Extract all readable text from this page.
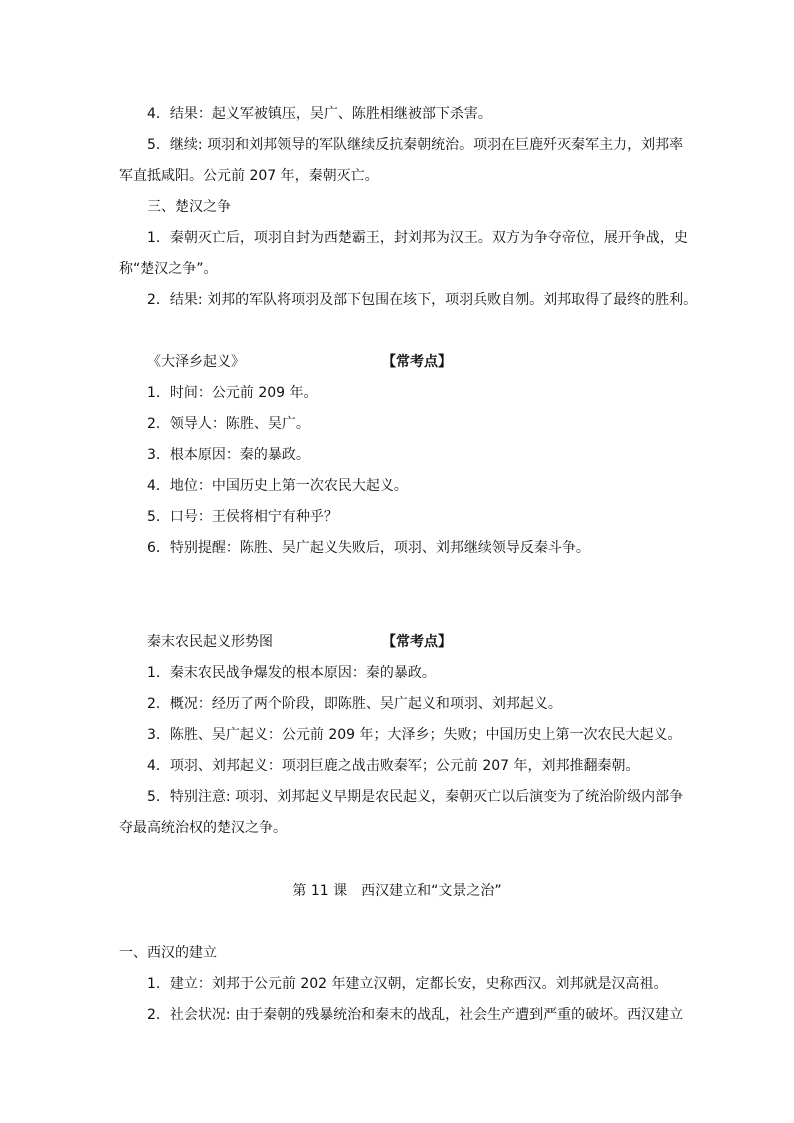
4．结果：起义军被镇压，吴广、陈胜相继被部下杀害。
5．继续: 项羽和刘邦领导的军队继续反抗秦朝统治。项羽在巨鹿歼灭秦军主力，刘邦率
军直抵咸阳。公元前 207 年，秦朝灭亡。
三、楚汉之争
1．秦朝灭亡后，项羽自封为西楚霸王，封刘邦为汉王。双方为争夺帝位，展开争战，史
称“楚汉之争”。
2．结果: 刘邦的军队将项羽及部下包围在垓下，项羽兵败自刎。刘邦取得了最终的胜利。
《大泽乡起义》	【常考点】
1．时间：公元前 209 年。
2．领导人：陈胜、吴广。
3．根本原因：秦的暴政。
4．地位：中国历史上第一次农民大起义。
5．口号：王侯将相宁有种乎？
6．特别提醒：陈胜、吴广起义失败后，项羽、刘邦继续领导反秦斗争。
秦末农民起义形势图	【常考点】
1．秦末农民战争爆发的根本原因：秦的暴政。
2．概况：经历了两个阶段，即陈胜、吴广起义和项羽、刘邦起义。
3．陈胜、吴广起义：公元前 209 年；大泽乡；失败；中国历史上第一次农民大起义。
4．项羽、刘邦起义：项羽巨鹿之战击败秦军；公元前 207 年，刘邦推翻秦朝。
5．特别注意: 项羽、刘邦起义早期是农民起义，秦朝灭亡以后演变为了统治阶级内部争
夺最高统治权的楚汉之争。
第 11 课　西汉建立和“文景之治”
一、西汉的建立
1．建立：刘邦于公元前 202 年建立汉朝，定都长安，史称西汉。刘邦就是汉高祖。
2．社会状况: 由于秦朝的残暴统治和秦末的战乱，社会生产遭到严重的破坏。西汉建立
